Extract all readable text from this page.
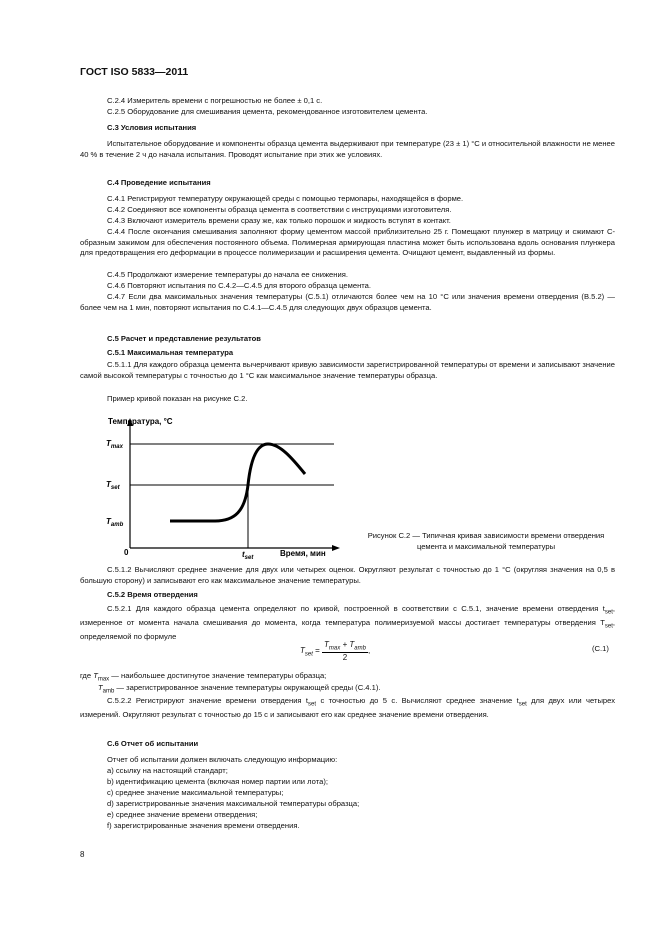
ГОСТ ISO 5833—2011
C.2.4 Измеритель времени с погрешностью не более ± 0,1 с.
C.2.5 Оборудование для смешивания цемента, рекомендованное изготовителем цемента.
C.3 Условия испытания
Испытательное оборудование и компоненты образца цемента выдерживают при температуре (23 ± 1) °C и относительной влажности не менее 40 % в течение 2 ч до начала испытания. Проводят испытание при этих же условиях.
C.4 Проведение испытания
C.4.1 Регистрируют температуру окружающей среды с помощью термопары, находящейся в форме.
C.4.2 Соединяют все компоненты образца цемента в соответствии с инструкциями изготовителя.
C.4.3 Включают измеритель времени сразу же, как только порошок и жидкость вступят в контакт.
C.4.4 После окончания смешивания заполняют форму цементом массой приблизительно 25 г. Помещают плунжер в матрицу и сжимают С-образным зажимом для обеспечения постоянного объема. Полимерная армирующая пластина может быть использована вдоль основания плунжера для предотвращения его деформации в процессе полимеризации и расширения цемента. Очищают цемент, выдавленный из формы.
C.4.5 Продолжают измерение температуры до начала ее снижения.
C.4.6 Повторяют испытания по C.4.2—C.4.5 для второго образца цемента.
C.4.7 Если два максимальных значения температуры (С.5.1) отличаются более чем на 10 °C или значения времени отвердения (В.5.2) — более чем на 1 мин, повторяют испытания по C.4.1—C.4.5 для следующих двух образцов цемента.
C.5 Расчет и представление результатов
C.5.1 Максимальная температура
C.5.1.1 Для каждого образца цемента вычерчивают кривую зависимости зарегистрированной температуры от времени и записывают значение самой высокой температуры с точностью до 1 °C как максимальное значение температуры образца.
Пример кривой показан на рисунке С.2.
Температура, °С
$T_{max}$
$T_{set}$
$T_{amb}$
0	$t_{set}$	Время, мин
Рисунок С.2 — Типичная кривая зависимости времени отвердения цемента и максимальной температуры
C.5.1.2 Вычисляют среднее значение для двух или четырех оценок. Округляют результат с точностью до 1 °C (округляя значения на 0,5 в большую сторону) и записывают его как максимальное значение температуры.
C.5.2 Время отвердения
C.5.2.1 Для каждого образца цемента определяют по кривой, построенной в соответствии с C.5.1, значение времени отвердения $t_{set}$, измеренное от момента начала смешивания до момента, когда температура полимеризуемой массы достигает температуры отвердения $T_{set}$, определяемой по формуле
$T_{set}$ =
$T_{max} + T_{amb}$
2
,	(C.1)
где $T_{max}$ — наибольшее достигнутое значение температуры образца;
$T_{amb}$ — зарегистрированное значение температуры окружающей среды (С.4.1).
C.5.2.2 Регистрируют значение времени отвердения $t_{set}$ с точностью до 5 с. Вычисляют среднее значение $t_{set}$ для двух или четырех измерений. Округляют результат с точностью до 15 с и записывают его как среднее значение времени отвердения.
C.6 Отчет об испытании
Отчет об испытании должен включать следующую информацию:
a) ссылку на настоящий стандарт;
b) идентификацию цемента (включая номер партии или лота);
c) среднее значение максимальной температуры;
d) зарегистрированные значения максимальной температуры образца;
e) среднее значение времени отвердения;
f) зарегистрированные значения времени отвердения.
8
